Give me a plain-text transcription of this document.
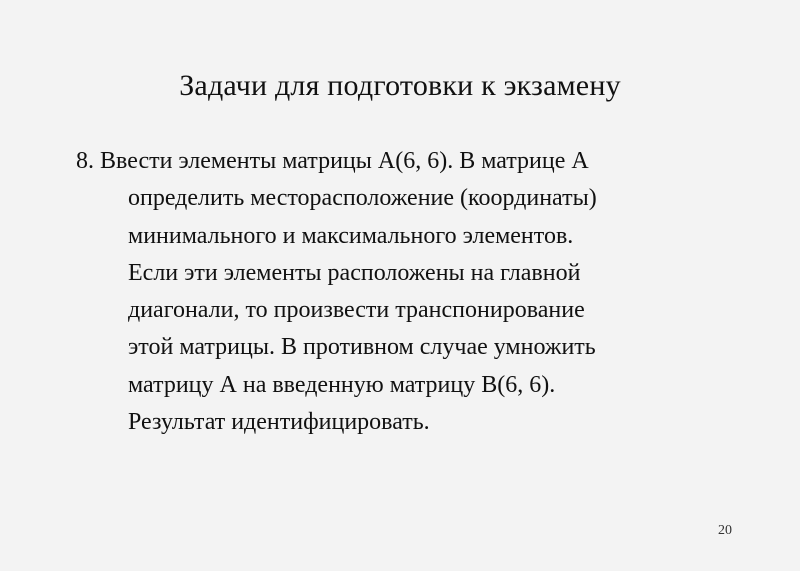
Задачи для подготовки к экзамену
8. Ввести элементы матрицы А(6, 6). В матрице А
определить месторасположение (координаты)
минимального и максимального элементов.
Если эти элементы расположены на главной
диагонали, то произвести транспонирование
этой матрицы. В противном случае умножить
матрицу А на введенную матрицу В(6, 6).
Результат идентифицировать.
20
